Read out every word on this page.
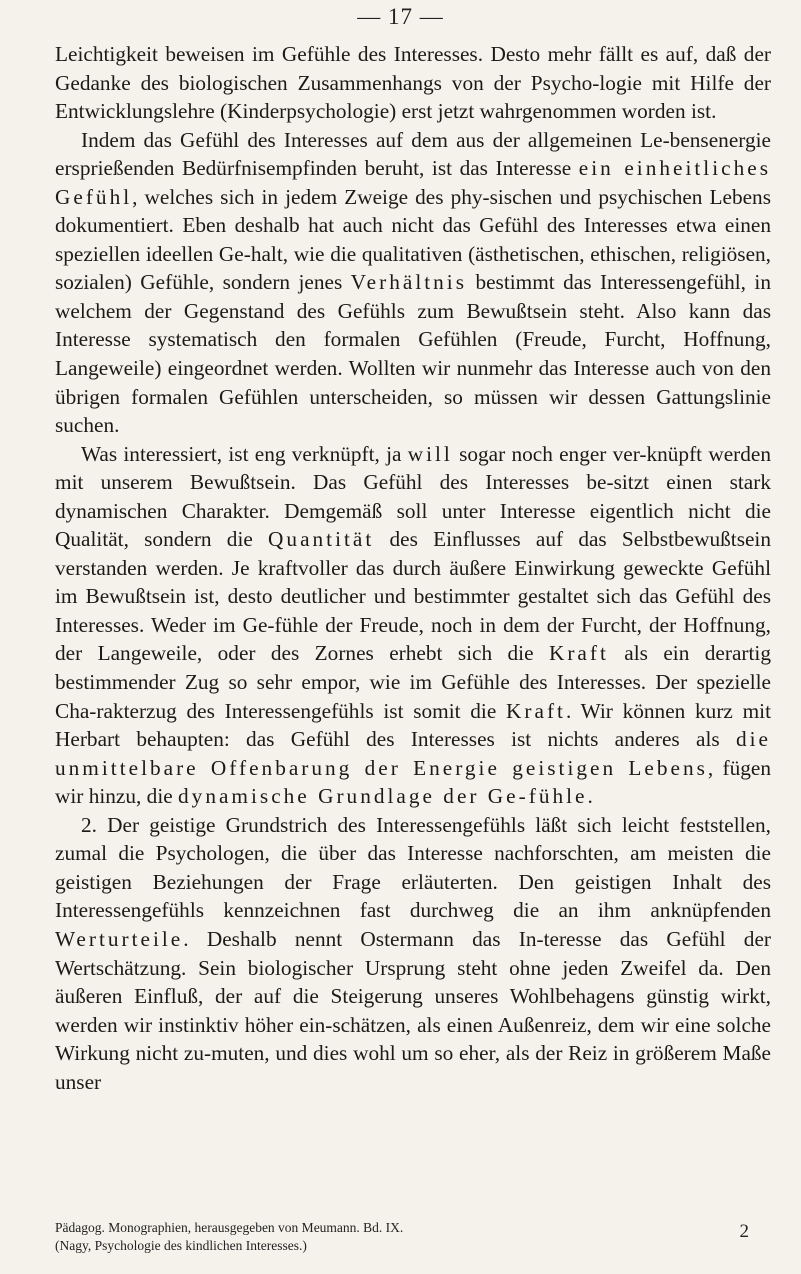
— 17 —

Leichtigkeit beweisen im Gefühle des Interesses. Desto mehr fällt es auf, daß der Gedanke des biologischen Zusammenhangs von der Psycho-logie mit Hilfe der Entwicklungslehre (Kinderpsychologie) erst jetzt wahrgenommen worden ist.

Indem das Gefühl des Interesses auf dem aus der allgemeinen Le-bensenergie ersprießenden Bedürfnisempfinden beruht, ist das Interesse ein einheitliches Gefühl, welches sich in jedem Zweige des phy-sischen und psychischen Lebens dokumentiert. Eben deshalb hat auch nicht das Gefühl des Interesses etwa einen speziellen ideellen Ge-halt, wie die qualitativen (ästhetischen, ethischen, religiösen, sozialen) Gefühle, sondern jenes Verhältnis bestimmt das Interessengefühl, in welchem der Gegenstand des Gefühls zum Bewußtsein steht. Also kann das Interesse systematisch den formalen Gefühlen (Freude, Furcht, Hoffnung, Langeweile) eingeordnet werden. Wollten wir nunmehr das Interesse auch von den übrigen formalen Gefühlen unterscheiden, so müssen wir dessen Gattungslinie suchen.

Was interessiert, ist eng verknüpft, ja will sogar noch enger ver-knüpft werden mit unserem Bewußtsein. Das Gefühl des Interesses be-sitzt einen stark dynamischen Charakter. Demgemäß soll unter Interesse eigentlich nicht die Qualität, sondern die Quantität des Einflusses auf das Selbstbewußtsein verstanden werden. Je kraftvoller das durch äußere Einwirkung geweckte Gefühl im Bewußtsein ist, desto deutlicher und bestimmter gestaltet sich das Gefühl des Interesses. Weder im Ge-fühle der Freude, noch in dem der Furcht, der Hoffnung, der Langeweile, oder des Zornes erhebt sich die Kraft als ein derartig bestimmender Zug so sehr empor, wie im Gefühle des Interesses. Der spezielle Cha-rakterzug des Interessengefühls ist somit die Kraft. Wir können kurz mit Herbart behaupten: das Gefühl des Interesses ist nichts anderes als die unmittelbare Offenbarung der Energie geistigen Lebens, fügen wir hinzu, die dynamische Grundlage der Ge-fühle.

2. Der geistige Grundstrich des Interessengefühls läßt sich leicht feststellen, zumal die Psychologen, die über das Interesse nachforschten, am meisten die geistigen Beziehungen der Frage erläuterten. Den geistigen Inhalt des Interessengefühls kennzeichnen fast durchweg die an ihm anknüpfenden Werturteile. Deshalb nennt Ostermann das In-teresse das Gefühl der Wertschätzung. Sein biologischer Ursprung steht ohne jeden Zweifel da. Den äußeren Einfluß, der auf die Steigerung unseres Wohlbehagens günstig wirkt, werden wir instinktiv höher ein-schätzen, als einen Außenreiz, dem wir eine solche Wirkung nicht zu-muten, und dies wohl um so eher, als der Reiz in größerem Maße unser

Pädagog. Monographien, herausgegeben von Meumann. Bd. IX.
(Nagy, Psychologie des kindlichen Interesses.)
2
